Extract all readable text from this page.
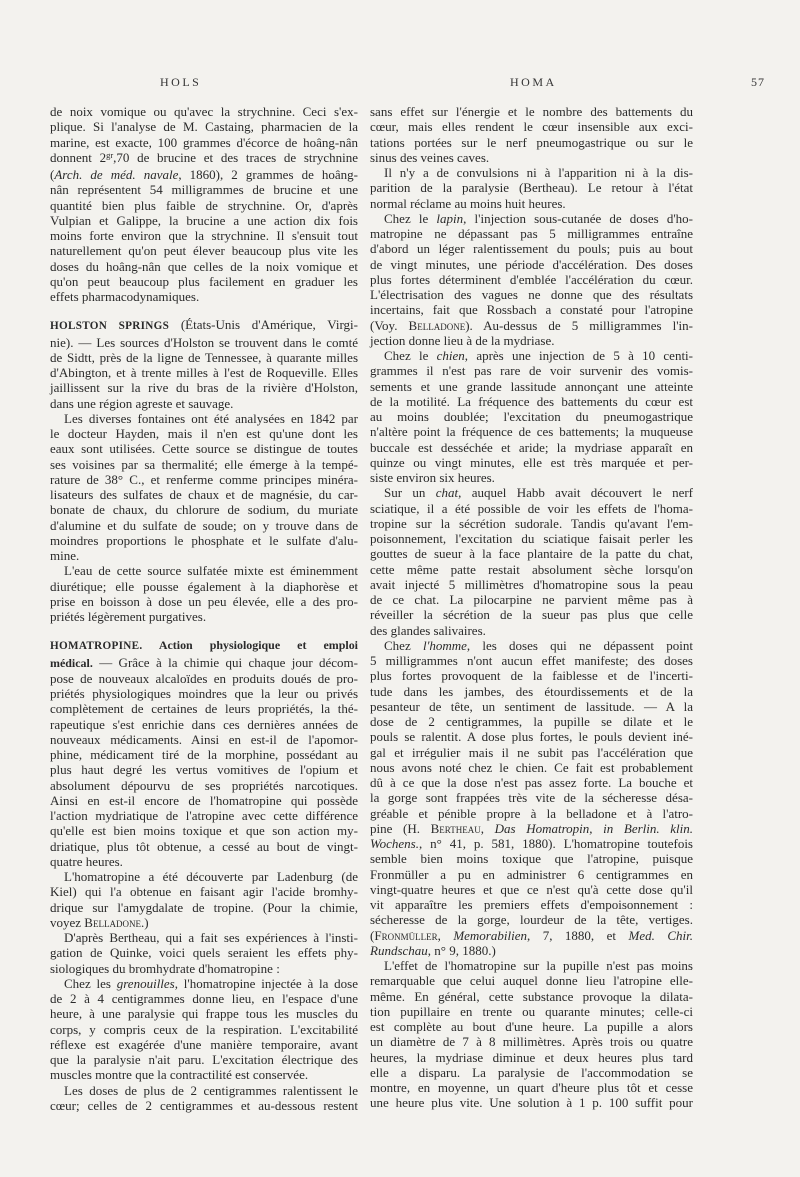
HOLS	HOMA	57
de noix vomique ou qu'avec la strychnine. Ceci s'ex-
plique. Si l'analyse de M. Castaing, pharmacien de la
marine, est exacte, 100 grammes d'écorce de hoâng-nân
donnent $2^{gr},70$ de brucine et des traces de strychnine
(Arch. de méd. navale, 1860), 2 grammes de hoâng-
nân représentent 54 milligrammes de brucine et une
quantité bien plus faible de strychnine. Or, d'après
Vulpian et Galippe, la brucine a une action dix fois
moins forte environ que la strychnine. Il s'ensuit tout
naturellement qu'on peut élever beaucoup plus vite les
doses du hoâng-nân que celles de la noix vomique et
qu'on peut beaucoup plus facilement en graduer les
effets pharmacodynamiques.
HOLSTON SPRINGS (États-Unis d'Amérique, Virgi-
nie). — Les sources d'Holston se trouvent dans le comté
de Sidtt, près de la ligne de Tennessee, à quarante milles
d'Abington, et à trente milles à l'est de Roqueville. Elles
jaillissent sur la rive du bras de la rivière d'Holston,
dans une région agreste et sauvage.
Les diverses fontaines ont été analysées en 1842 par
le docteur Hayden, mais il n'en est qu'une dont les
eaux sont utilisées. Cette source se distingue de toutes
ses voisines par sa thermalité; elle émerge à la tempé-
rature de 38° C., et renferme comme principes minéra-
lisateurs des sulfates de chaux et de magnésie, du car-
bonate de chaux, du chlorure de sodium, du muriate
d'alumine et du sulfate de soude; on y trouve dans de
moindres proportions le phosphate et le sulfate d'alu-
mine.
L'eau de cette source sulfatée mixte est éminemment
diurétique; elle pousse également à la diaphorèse et
prise en boisson à dose un peu élevée, elle a des pro-
priétés légèrement purgatives.
HOMATROPINE. Action physiologique et emploi
médical. — Grâce à la chimie qui chaque jour décom-
pose de nouveaux alcaloïdes en produits doués de pro-
priétés physiologiques moindres que la leur ou privés
complètement de certaines de leurs propriétés, la thé-
rapeutique s'est enrichie dans ces dernières années de
nouveaux médicaments. Ainsi en est-il de l'apomor-
phine, médicament tiré de la morphine, possédant au
plus haut degré les vertus vomitives de l'opium et
absolument dépourvu de ses propriétés narcotiques.
Ainsi en est-il encore de l'homatropine qui possède
l'action mydriatique de l'atropine avec cette différence
qu'elle est bien moins toxique et que son action my-
driatique, plus tôt obtenue, a cessé au bout de vingt-
quatre heures.
L'homatropine a été découverte par Ladenburg (de
Kiel) qui l'a obtenue en faisant agir l'acide bromhy-
drique sur l'amygdalate de tropine. (Pour la chimie,
voyez Belladone.)
D'après Bertheau, qui a fait ses expériences à l'insti-
gation de Quinke, voici quels seraient les effets phy-
siologiques du bromhydrate d'homatropine :
Chez les grenouilles, l'homatropine injectée à la dose
de 2 à 4 centigrammes donne lieu, en l'espace d'une
heure, à une paralysie qui frappe tous les muscles du
corps, y compris ceux de la respiration. L'excitabilité
réflexe est exagérée d'une manière temporaire, avant
que la paralysie n'ait paru. L'excitation électrique des
muscles montre que la contractilité est conservée.
Les doses de plus de 2 centigrammes ralentissent le
cœur; celles de 2 centigrammes et au-dessous restent
sans effet sur l'énergie et le nombre des battements du
cœur, mais elles rendent le cœur insensible aux exci-
tations portées sur le nerf pneumogastrique ou sur le
sinus des veines caves.
Il n'y a de convulsions ni à l'apparition ni à la dis-
parition de la paralysie (Bertheau). Le retour à l'état
normal réclame au moins huit heures.
Chez le lapin, l'injection sous-cutanée de doses d'ho-
matropine ne dépassant pas 5 milligrammes entraîne
d'abord un léger ralentissement du pouls; puis au bout
de vingt minutes, une période d'accélération. Des doses
plus fortes déterminent d'emblée l'accélération du cœur.
L'électrisation des vagues ne donne que des résultats
incertains, fait que Rossbach a constaté pour l'atropine
(Voy. Belladone). Au-dessus de 5 milligrammes l'in-
jection donne lieu à de la mydriase.
Chez le chien, après une injection de 5 à 10 centi-
grammes il n'est pas rare de voir survenir des vomis-
sements et une grande lassitude annonçant une atteinte
de la motilité. La fréquence des battements du cœur est
au moins doublée; l'excitation du pneumogastrique
n'altère point la fréquence de ces battements; la muqueuse
buccale est desséchée et aride; la mydriase apparaît en
quinze ou vingt minutes, elle est très marquée et per-
siste environ six heures.
Sur un chat, auquel Habb avait découvert le nerf
sciatique, il a été possible de voir les effets de l'homa-
tropine sur la sécrétion sudorale. Tandis qu'avant l'em-
poisonnement, l'excitation du sciatique faisait perler les
gouttes de sueur à la face plantaire de la patte du chat,
cette même patte restait absolument sèche lorsqu'on
avait injecté 5 millimètres d'homatropine sous la peau
de ce chat. La pilocarpine ne parvient même pas à
réveiller la sécrétion de la sueur pas plus que celle
des glandes salivaires.
Chez l'homme, les doses qui ne dépassent point
5 milligrammes n'ont aucun effet manifeste; des doses
plus fortes provoquent de la faiblesse et de l'incerti-
tude dans les jambes, des étourdissements et de la
pesanteur de tête, un sentiment de lassitude. — A la
dose de 2 centigrammes, la pupille se dilate et le
pouls se ralentit. A dose plus fortes, le pouls devient iné-
gal et irrégulier mais il ne subit pas l'accélération que
nous avons noté chez le chien. Ce fait est probablement
dû à ce que la dose n'est pas assez forte. La bouche et
la gorge sont frappées très vite de la sécheresse désa-
gréable et pénible propre à la belladone et à l'atro-
pine (H. Bertheau, Das Homatropin, in Berlin. klin.
Wochens., n° 41, p. 581, 1880). L'homatropine toutefois
semble bien moins toxique que l'atropine, puisque
Fronmüller a pu en administrer 6 centigrammes en
vingt-quatre heures et que ce n'est qu'à cette dose qu'il
vit apparaître les premiers effets d'empoisonnement :
sécheresse de la gorge, lourdeur de la tête, vertiges.
(Fronmüller, Memorabilien, 7, 1880, et Med. Chir.
Rundschau, n° 9, 1880.)
L'effet de l'homatropine sur la pupille n'est pas moins
remarquable que celui auquel donne lieu l'atropine elle-
même. En général, cette substance provoque la dilata-
tion pupillaire en trente ou quarante minutes; celle-ci
est complète au bout d'une heure. La pupille a alors
un diamètre de 7 à 8 millimètres. Après trois ou quatre
heures, la mydriase diminue et deux heures plus tard
elle a disparu. La paralysie de l'accommodation se
montre, en moyenne, un quart d'heure plus tôt et cesse
une heure plus vite. Une solution à 1 p. 100 suffit pour
